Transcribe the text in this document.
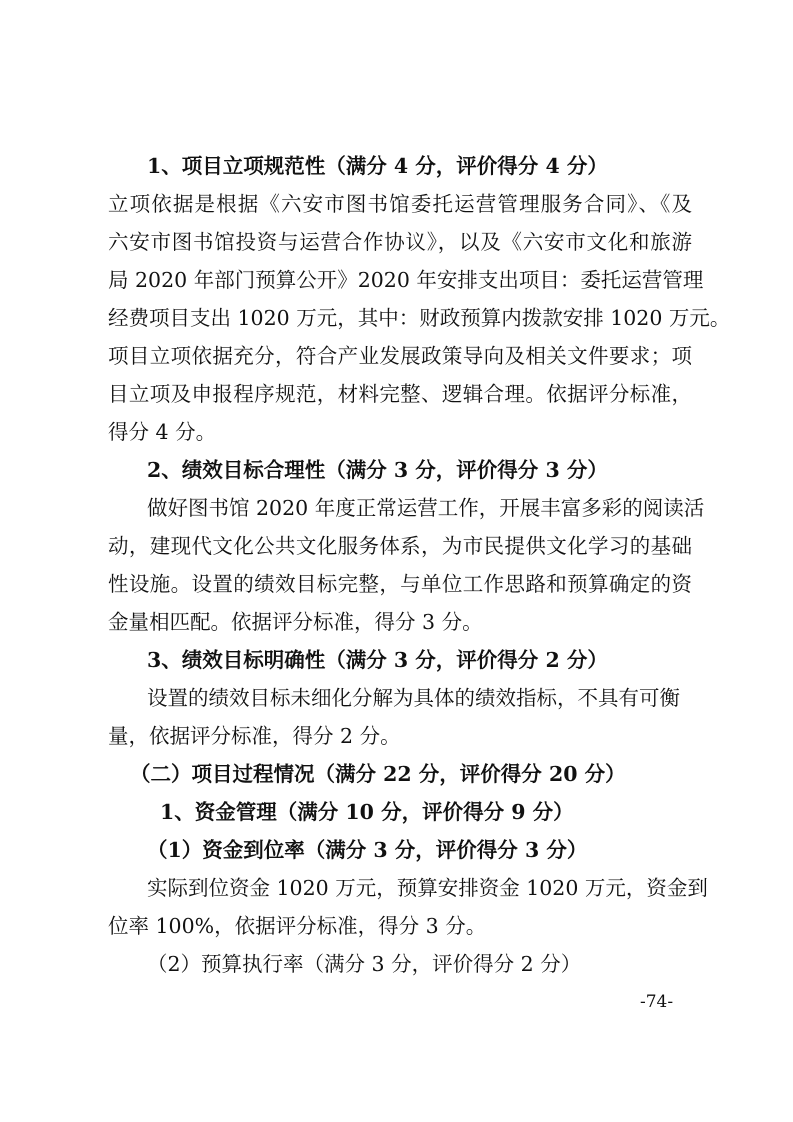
1、项目立项规范性（满分 4 分，评价得分 4 分）
立项依据是根据《六安市图书馆委托运营管理服务合同》、《及
六安市图书馆投资与运营合作协议》，以及《六安市文化和旅游
局 2020 年部门预算公开》2020 年安排支出项目：委托运营管理
经费项目支出 1020 万元，其中：财政预算内拨款安排 1020 万元。
项目立项依据充分，符合产业发展政策导向及相关文件要求；项
目立项及申报程序规范，材料完整、逻辑合理。依据评分标准，
得分 4 分。
2、绩效目标合理性（满分 3 分，评价得分 3 分）
做好图书馆 2020 年度正常运营工作，开展丰富多彩的阅读活
动，建现代文化公共文化服务体系，为市民提供文化学习的基础
性设施。设置的绩效目标完整，与单位工作思路和预算确定的资
金量相匹配。依据评分标准，得分 3 分。
3、绩效目标明确性（满分 3 分，评价得分 2 分）
设置的绩效目标未细化分解为具体的绩效指标，不具有可衡
量，依据评分标准，得分 2 分。
（二）项目过程情况（满分 22 分，评价得分 20 分）
1、资金管理（满分 10 分，评价得分 9 分）
（1）资金到位率（满分 3 分，评价得分 3 分）
实际到位资金 1020 万元，预算安排资金 1020 万元，资金到
位率 100%，依据评分标准，得分 3 分。
（2）预算执行率（满分 3 分，评价得分 2 分）
-74-
